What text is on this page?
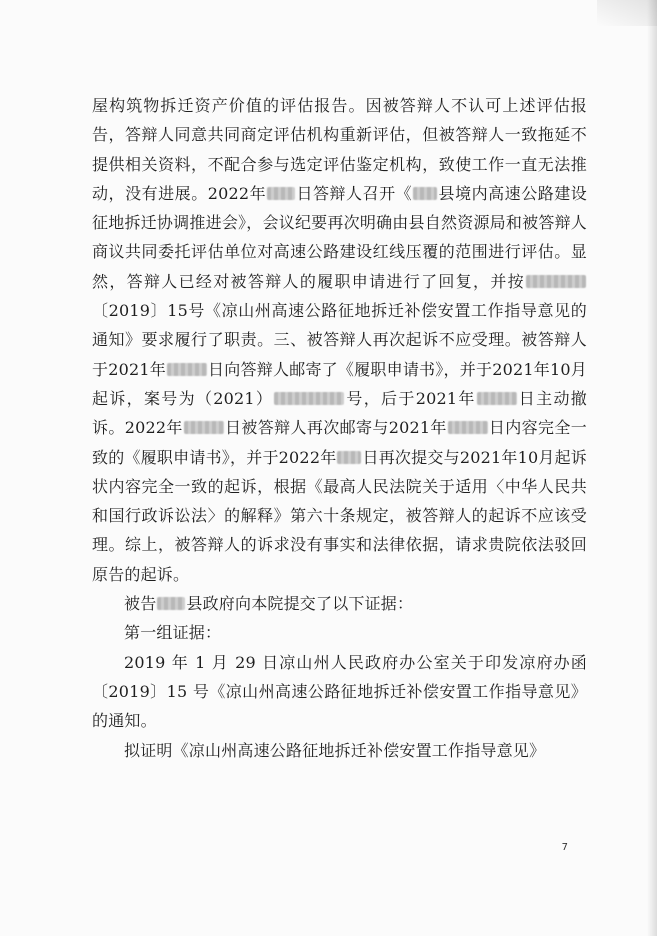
屋构筑物拆迁资产价值的评估报告。因被答辩人不认可上述评估报告，答辩人同意共同商定评估机构重新评估，但被答辩人一致拖延不提供相关资料，不配合参与选定评估鉴定机构，致使工作一直无法推动，没有进展。2022年 日答辩人召开《 县境内高速公路建设征地拆迁协调推进会》，会议纪要再次明确由县自然资源局和被答辩人商议共同委托评估单位对高速公路建设红线压覆的范围进行评估。显然，答辩人已经对被答辩人的履职申请进行了回复，并按〔2019〕15号《凉山州高速公路征地拆迁补偿安置工作指导意见的通知》要求履行了职责。三、被答辩人再次起诉不应受理。被答辩人于2021年	日向答辩人邮寄了《履职申请书》，并于2021年10月起诉，案号为（2021）	号，后于2021年	日主动撤诉。2022年	日被答辩人再次邮寄与2021年	日内容完全一致的《履职申请书》，并于2022年 日再次提交与2021年10月起诉状内容完全一致的起诉，根据《最高人民法院关于适用〈中华人民共和国行政诉讼法〉的解释》第六十条规定，被答辩人的起诉不应该受理。综上，被答辩人的诉求没有事实和法律依据，请求贵院依法驳回原告的起诉。

被告 县政府向本院提交了以下证据：

第一组证据：

2019 年 1 月 29 日凉山州人民政府办公室关于印发凉府办函〔2019〕15 号《凉山州高速公路征地拆迁补偿安置工作指导意见》的通知。

拟证明《凉山州高速公路征地拆迁补偿安置工作指导意见》

7
